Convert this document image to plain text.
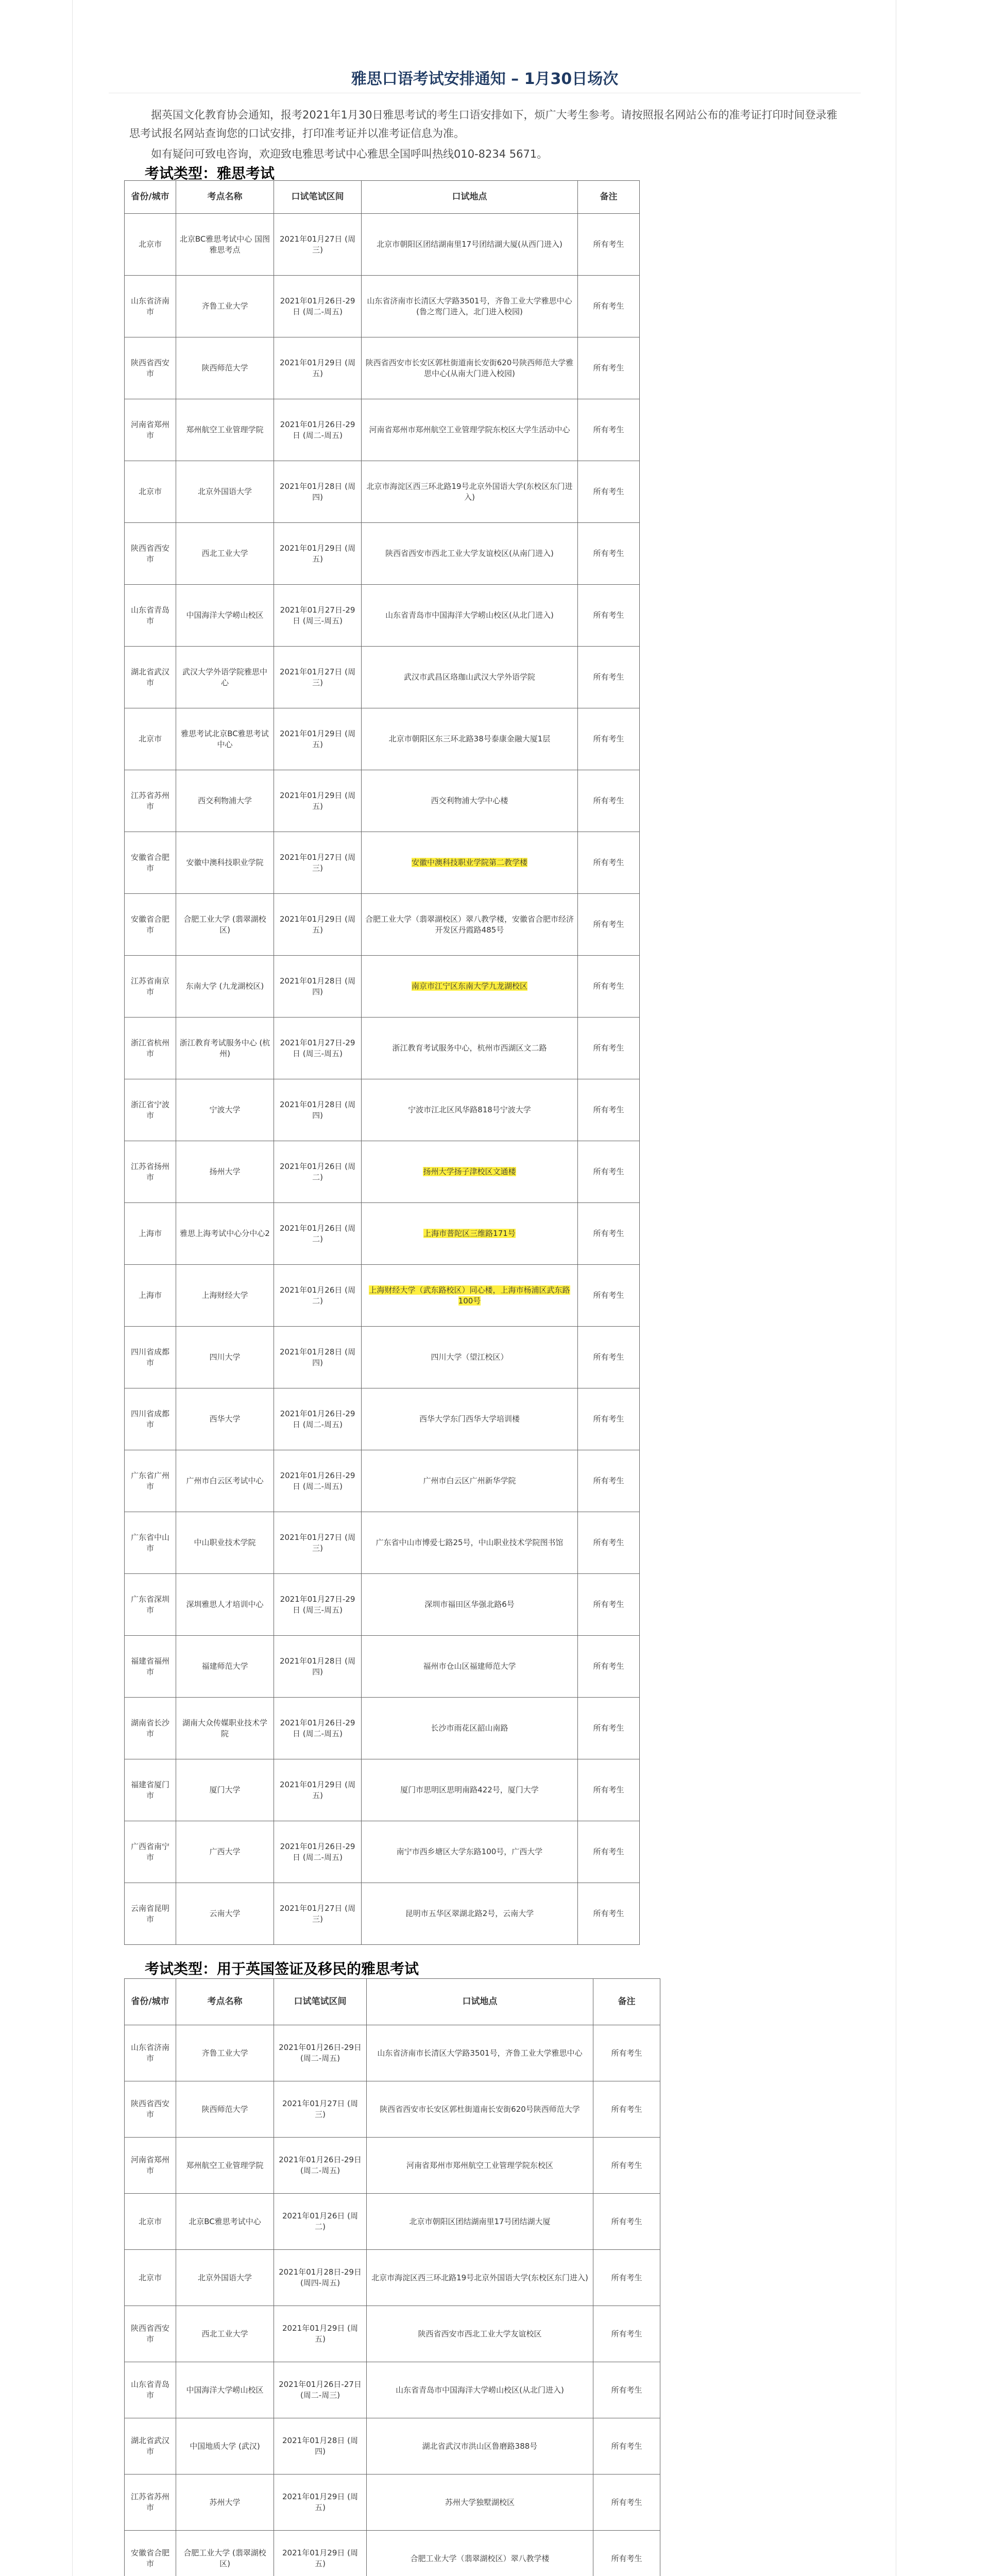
雅思口语考试安排通知 – 1月30日场次
据英国文化教育协会通知，报考2021年1月30日雅思考试的考生口语安排如下，烦广大考生参考。请按照报名网站公布的准考证打印时间登录雅思考试报名网站查询您的口试安排，打印准考证并以准考证信息为准。
如有疑问可致电咨询，欢迎致电雅思考试中心雅思全国呼叫热线010-8234 5671。
考试类型：雅思考试
省份/城市	考点名称	口试笔试区间	口试地点	备注
北京市	北京BC雅思考试中心 国图雅思考点	2021年01月27日 (周三)	北京市朝阳区团结湖南里17号团结湖大厦(从西门进入)	所有考生
山东省济南市	齐鲁工业大学	2021年01月26日-29日 (周二-周五)	山东省济南市长清区大学路3501号，齐鲁工业大学雅思中心(鲁之鸾门进入，北门进入校园)	所有考生
陕西省西安市	陕西师范大学	2021年01月29日 (周五)	陕西省西安市长安区郭杜街道南长安街620号陕西师范大学雅思中心(从南大门进入校园)	所有考生
河南省郑州市	郑州航空工业管理学院	2021年01月26日-29日 (周二-周五)	河南省郑州市郑州航空工业管理学院东校区大学生活动中心	所有考生
北京市	北京外国语大学	2021年01月28日 (周四)	北京市海淀区西三环北路19号北京外国语大学(东校区东门进入)	所有考生
陕西省西安市	西北工业大学	2021年01月29日 (周五)	陕西省西安市西北工业大学友谊校区(从南门进入)	所有考生
山东省青岛市	中国海洋大学崂山校区	2021年01月27日-29日 (周三-周五)	山东省青岛市中国海洋大学崂山校区(从北门进入)	所有考生
湖北省武汉市	武汉大学外语学院雅思中心	2021年01月27日 (周三)	武汉市武昌区珞珈山武汉大学外语学院	所有考生
北京市	雅思考试北京BC雅思考试中心	2021年01月29日 (周五)	北京市朝阳区东三环北路38号泰康金融大厦1层	所有考生
江苏省苏州市	西交利物浦大学	2021年01月29日 (周五)	西交利物浦大学中心楼	所有考生
安徽省合肥市	安徽中澳科技职业学院	2021年01月27日 (周三)	安徽中澳科技职业学院第二教学楼	所有考生
安徽省合肥市	合肥工业大学 (翡翠湖校区)	2021年01月29日 (周五)	合肥工业大学（翡翠湖校区）翠八教学楼，安徽省合肥市经济开发区丹霞路485号	所有考生
江苏省南京市	东南大学 (九龙湖校区)	2021年01月28日 (周四)	南京市江宁区东南大学九龙湖校区	所有考生
浙江省杭州市	浙江教育考试服务中心 (杭州)	2021年01月27日-29日 (周三-周五)	浙江教育考试服务中心，杭州市西湖区文二路	所有考生
浙江省宁波市	宁波大学	2021年01月28日 (周四)	宁波市江北区风华路818号宁波大学	所有考生
江苏省扬州市	扬州大学	2021年01月26日 (周二)	扬州大学扬子津校区文通楼	所有考生
上海市	雅思上海考试中心分中心2	2021年01月26日 (周二)	上海市普陀区三维路171号	所有考生
上海市	上海财经大学	2021年01月26日 (周二)	上海财经大学（武东路校区）同心楼，上海市杨浦区武东路100号	所有考生
四川省成都市	四川大学	2021年01月28日 (周四)	四川大学（望江校区）	所有考生
四川省成都市	西华大学	2021年01月26日-29日 (周二-周五)	西华大学东门西华大学培训楼	所有考生
广东省广州市	广州市白云区考试中心	2021年01月26日-29日 (周二-周五)	广州市白云区广州新华学院	所有考生
广东省中山市	中山职业技术学院	2021年01月27日 (周三)	广东省中山市博爱七路25号，中山职业技术学院图书馆	所有考生
广东省深圳市	深圳雅思人才培训中心	2021年01月27日-29日 (周三-周五)	深圳市福田区华强北路6号	所有考生
福建省福州市	福建师范大学	2021年01月28日 (周四)	福州市仓山区福建师范大学	所有考生
湖南省长沙市	湖南大众传媒职业技术学院	2021年01月26日-29日 (周二-周五)	长沙市雨花区韶山南路	所有考生
福建省厦门市	厦门大学	2021年01月29日 (周五)	厦门市思明区思明南路422号，厦门大学	所有考生
广西省南宁市	广西大学	2021年01月26日-29日 (周二-周五)	南宁市西乡塘区大学东路100号，广西大学	所有考生
云南省昆明市	云南大学	2021年01月27日 (周三)	昆明市五华区翠湖北路2号，云南大学	所有考生
考试类型：用于英国签证及移民的雅思考试
省份/城市	考点名称	口试笔试区间	口试地点	备注
山东省济南市	齐鲁工业大学	2021年01月26日-29日 (周二-周五)	山东省济南市长清区大学路3501号，齐鲁工业大学雅思中心	所有考生
陕西省西安市	陕西师范大学	2021年01月27日 (周三)	陕西省西安市长安区郭杜街道南长安街620号陕西师范大学	所有考生
河南省郑州市	郑州航空工业管理学院	2021年01月26日-29日 (周二-周五)	河南省郑州市郑州航空工业管理学院东校区	所有考生
北京市	北京BC雅思考试中心	2021年01月26日 (周二)	北京市朝阳区团结湖南里17号团结湖大厦	所有考生
北京市	北京外国语大学	2021年01月28日-29日 (周四-周五)	北京市海淀区西三环北路19号北京外国语大学(东校区东门进入)	所有考生
陕西省西安市	西北工业大学	2021年01月29日 (周五)	陕西省西安市西北工业大学友谊校区	所有考生
山东省青岛市	中国海洋大学崂山校区	2021年01月26日-27日 (周二-周三)	山东省青岛市中国海洋大学崂山校区(从北门进入)	所有考生
湖北省武汉市	中国地质大学 (武汉)	2021年01月28日 (周四)	湖北省武汉市洪山区鲁磨路388号	所有考生
江苏省苏州市	苏州大学	2021年01月29日 (周五)	苏州大学独墅湖校区	所有考生
安徽省合肥市	合肥工业大学 (翡翠湖校区)	2021年01月29日 (周五)	合肥工业大学（翡翠湖校区）翠八教学楼	所有考生
